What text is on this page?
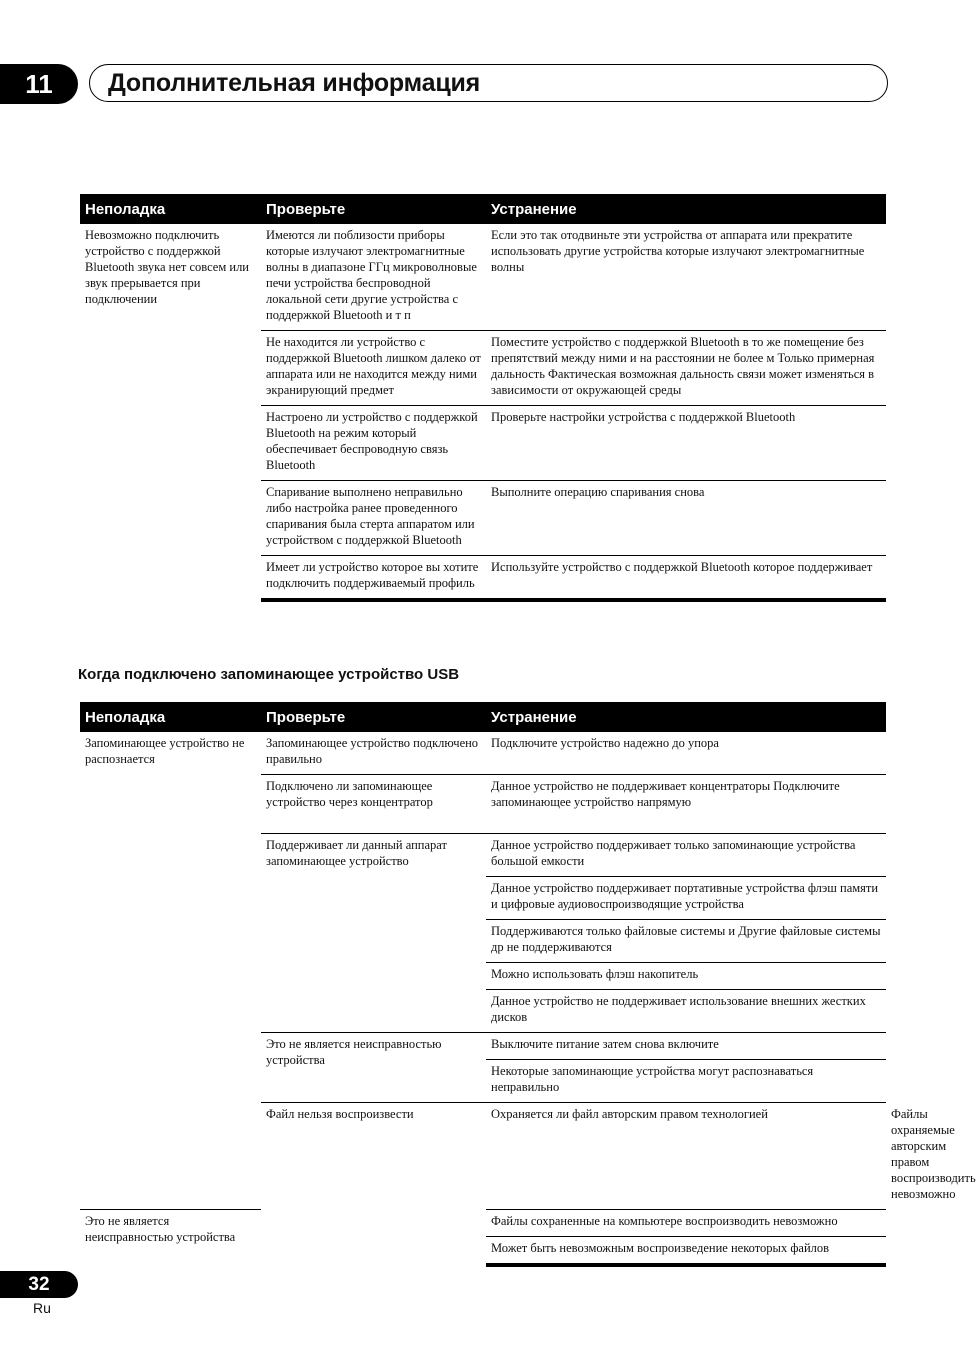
11 Дополнительная информация
Неполадка	Проверьте	Устранение
Невозможно подключить устройство с поддержкой Bluetooth звука нет совсем или звук прерывается при подключении	Имеются ли поблизости приборы которые излучают электромагнитные волны в диапазоне ГГц микроволновые печи устройства беспроводной локальной сети другие устройства с поддержкой Bluetooth и т п	Если это так отодвиньте эти устройства от аппарата или прекратите использовать другие устройства которые излучают электромагнитные волны
	Не находится ли устройство с поддержкой Bluetooth лишком далеко от аппарата или не находится между ними экранирующий предмет	Поместите устройство с поддержкой Bluetooth в то же помещение без препятствий между ними и на расстоянии не более м Только примерная дальность Фактическая возможная дальность связи может изменяться в зависимости от окружающей среды
	Настроено ли устройство с поддержкой Bluetooth на режим который обеспечивает беспроводную связь Bluetooth	Проверьте настройки устройства с поддержкой Bluetooth
	Спаривание выполнено неправильно либо настройка ранее проведенного спаривания была стерта аппаратом или устройством с поддержкой Bluetooth	Выполните операцию спаривания снова
	Имеет ли устройство которое вы хотите подключить поддерживаемый профиль	Используйте устройство с поддержкой Bluetooth которое поддерживает
Когда подключено запоминающее устройство USB
Неполадка	Проверьте	Устранение	
Запоминающее устройство не распознается	Запоминающее устройство подключено правильно	Подключите устройство надежно до упора	
	Подключено ли запоминающее устройство через концентратор	Данное устройство не поддерживает концентраторы Подключите запоминающее устройство напрямую	
	Поддерживает ли данный аппарат запоминающее устройство	Данное устройство поддерживает только запоминающие устройства большой емкости	
		Данное устройство поддерживает портативные устройства флэш памяти и цифровые аудиовоспроизводящие устройства	
		Поддерживаются только файловые системы и Другие файловые системы др не поддерживаются	
		Можно использовать флэш накопитель	
		Данное устройство не поддерживает использование внешних жестких дисков	
	Это не является неисправностью устройства	Выключите питание затем снова включите	
		Некоторые запоминающие устройства могут распознаваться неправильно	
	Файл нельзя воспроизвести	Охраняется ли файл авторским правом технологией	Файлы охраняемые авторским правом воспроизводить невозможно
Это не является неисправностью устройства		Файлы сохраненные на компьютере воспроизводить невозможно	
		Может быть невозможным воспроизведение некоторых файлов	
32
Ru
